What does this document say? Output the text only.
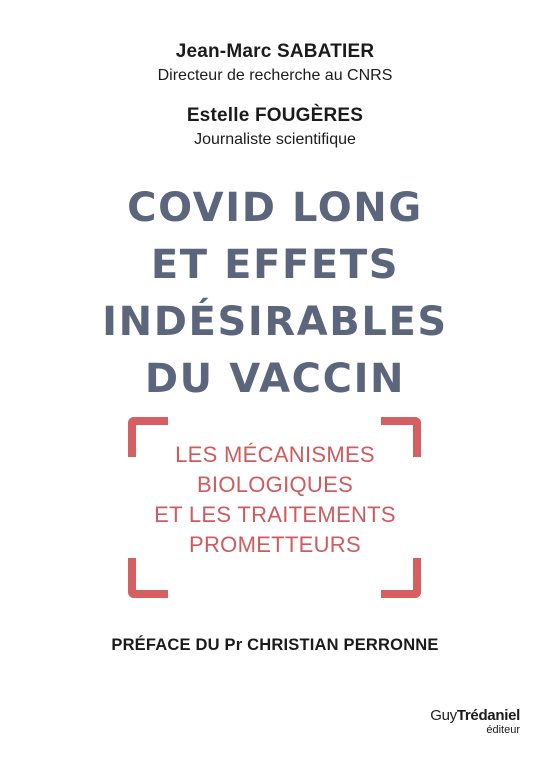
Jean-Marc SABATIER
Directeur de recherche au CNRS
Estelle FOUGÈRES
Journaliste scientifique
COVID LONG
ET EFFETS
INDÉSIRABLES
DU VACCIN
LES MÉCANISMES
BIOLOGIQUES
ET LES TRAITEMENTS
PROMETTEURS
PRÉFACE DU Pr CHRISTIAN PERRONNE
GuyTrédaniel
éditeur
